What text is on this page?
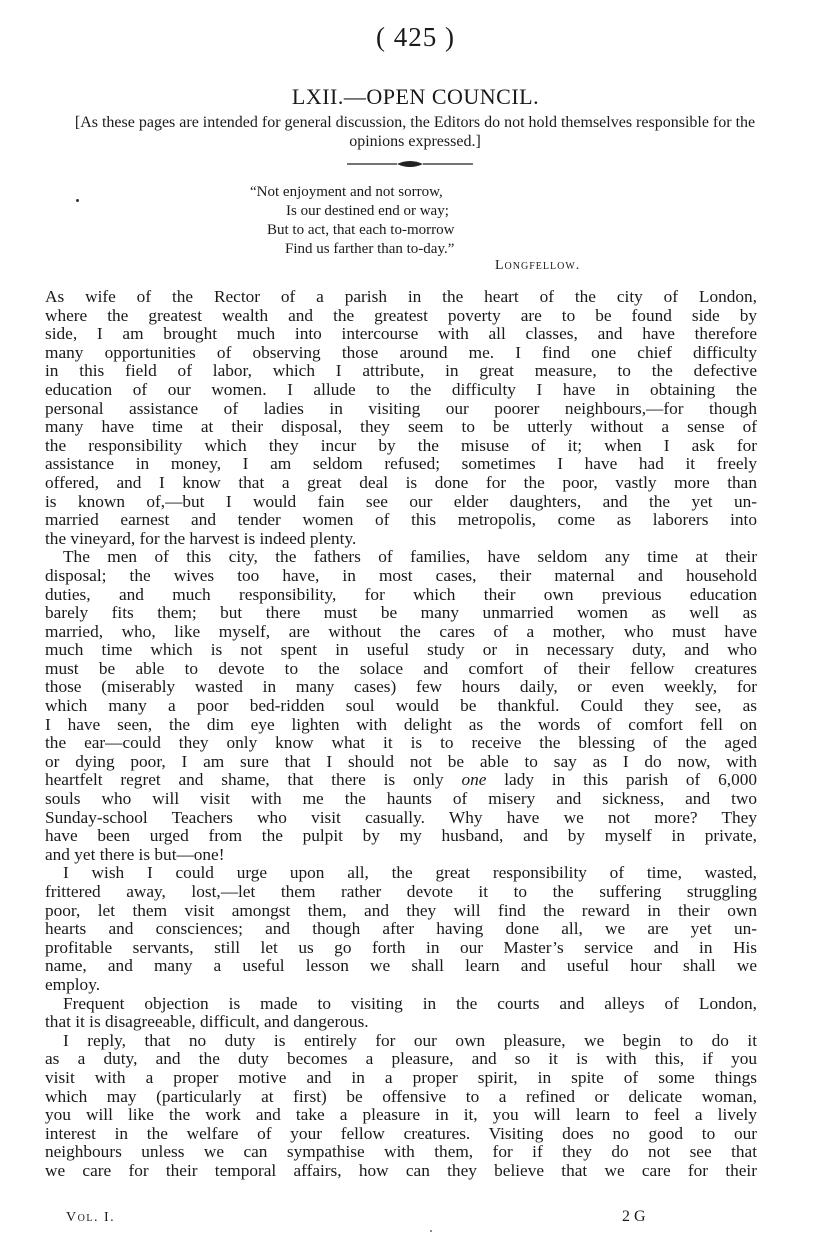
( 425 )
LXII.—OPEN COUNCIL.
[As these pages are intended for general discussion, the Editors do not hold themselves responsible for the opinions expressed.]
“Not enjoyment and not sorrow,
Is our destined end or way;
But to act, that each to-morrow
Find us farther than to-day.”
Longfellow.

As wife of the Rector of a parish in the heart of the city of London,

where the greatest wealth and the greatest poverty are to be found side by

side, I am brought much into intercourse with all classes, and have therefore

many opportunities of observing those around me. I find one chief difficulty

in this field of labor, which I attribute, in great measure, to the defective

education of our women. I allude to the difficulty I have in obtaining the

personal assistance of ladies in visiting our poorer neighbours,—for though

many have time at their disposal, they seem to be utterly without a sense of

the responsibility which they incur by the misuse of it; when I ask for

assistance in money, I am seldom refused; sometimes I have had it freely

offered, and I know that a great deal is done for the poor, vastly more than

is known of,—but I would fain see our elder daughters, and the yet un-

married earnest and tender women of this metropolis, come as laborers into

the vineyard, for the harvest is indeed plenty.

The men of this city, the fathers of families, have seldom any time at their

disposal; the wives too have, in most cases, their maternal and household

duties, and much responsibility, for which their own previous education

barely fits them; but there must be many unmarried women as well as

married, who, like myself, are without the cares of a mother, who must have

much time which is not spent in useful study or in necessary duty, and who

must be able to devote to the solace and comfort of their fellow creatures

those (miserably wasted in many cases) few hours daily, or even weekly, for

which many a poor bed-ridden soul would be thankful. Could they see, as

I have seen, the dim eye lighten with delight as the words of comfort fell on

the ear—could they only know what it is to receive the blessing of the aged

or dying poor, I am sure that I should not be able to say as I do now, with

heartfelt regret and shame, that there is only one lady in this parish of 6,000

souls who will visit with me the haunts of misery and sickness, and two

Sunday-school Teachers who visit casually. Why have we not more? They

have been urged from the pulpit by my husband, and by myself in private,

and yet there is but—one!

I wish I could urge upon all, the great responsibility of time, wasted,

frittered away, lost,—let them rather devote it to the suffering struggling

poor, let them visit amongst them, and they will find the reward in their own

hearts and consciences; and though after having done all, we are yet un-

profitable servants, still let us go forth in our Master’s service and in His

name, and many a useful lesson we shall learn and useful hour shall we

employ.

Frequent objection is made to visiting in the courts and alleys of London,

that it is disagreeable, difficult, and dangerous.

I reply, that no duty is entirely for our own pleasure, we begin to do it

as a duty, and the duty becomes a pleasure, and so it is with this, if you

visit with a proper motive and in a proper spirit, in spite of some things

which may (particularly at first) be offensive to a refined or delicate woman,

you will like the work and take a pleasure in it, you will learn to feel a lively

interest in the welfare of your fellow creatures. Visiting does no good to our

neighbours unless we can sympathise with them, for if they do not see that

we care for their temporal affairs, how can they believe that we care for their

Vol. I.	2 G
